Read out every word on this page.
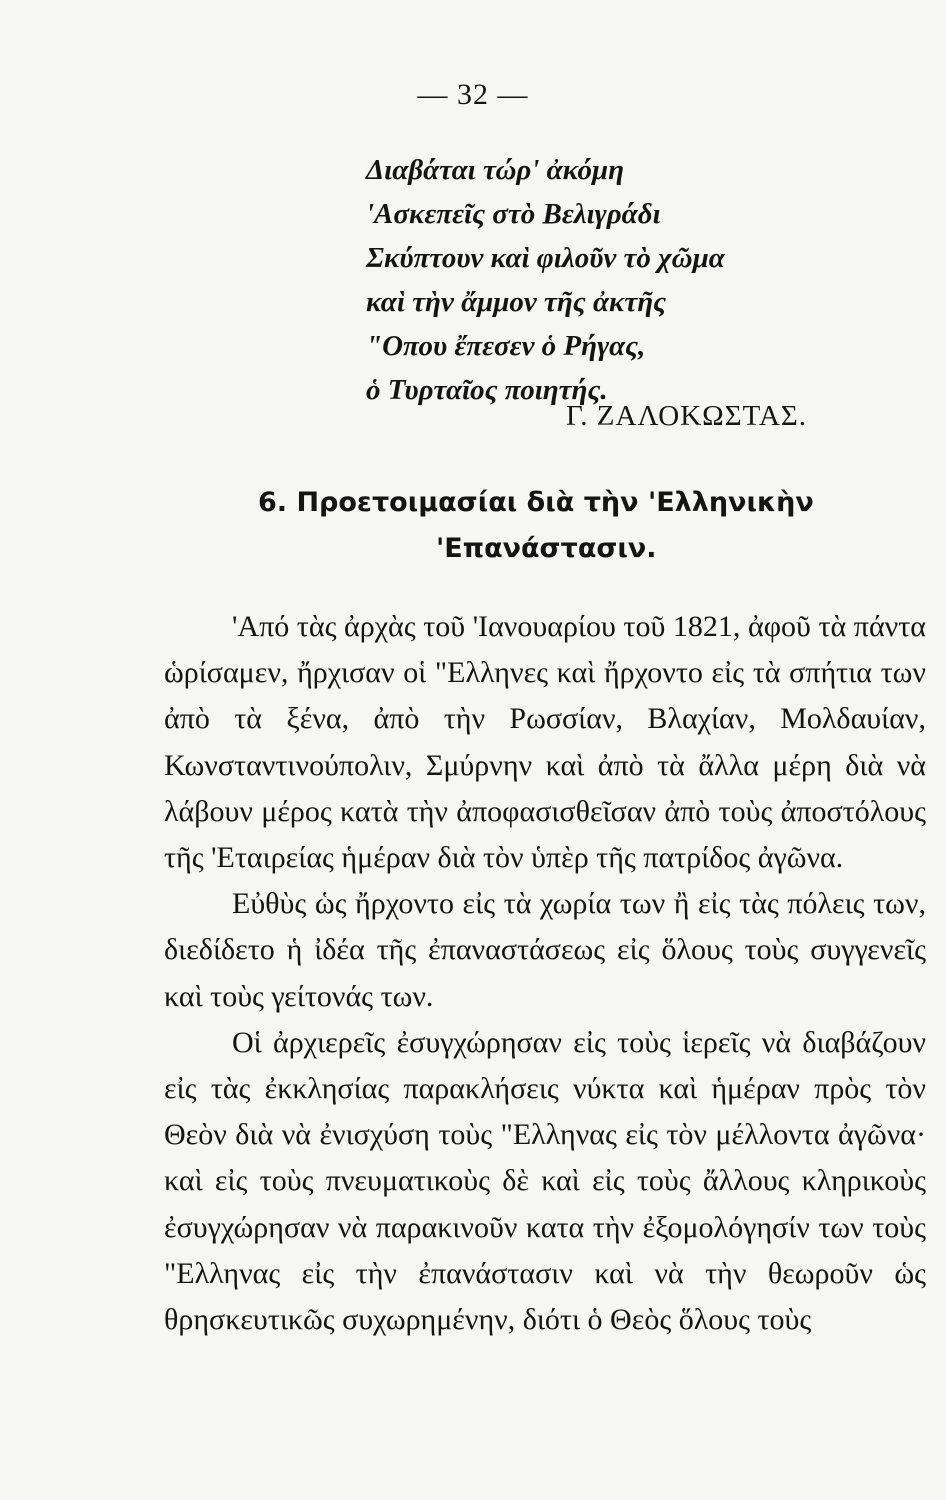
— 32 —
Διαβάται τώρ' ἀκόμη
'Ασκεπεῖς στὸ Βελιγράδι
Σκύπτουν καὶ φιλοῦν τὸ χῶμα
καὶ τὴν ἄμμον τῆς ἀκτῆς
"Οπου ἔπεσεν ὁ Ρήγας,
ὁ Τυρταῖος ποιητής.
Γ. ΖΑΛΟΚΩΣΤΑΣ.
6. Προετοιμασίαι διὰ τὴν 'Ελληνικὴν
'Επανάστασιν.

'Από τὰς ἀρχὰς τοῦ 'Ιανουαρίου τοῦ 1821, ἀφοῦ τὰ πάντα ὡρίσαμεν, ἤρχισαν οἱ "Ελληνες καὶ ἤρχοντο εἰς τὰ σπήτια των ἀπὸ τὰ ξένα, ἀπὸ τὴν Ρωσσίαν, Βλαχίαν, Μολδαυίαν, Κωνσταντινούπολιν, Σμύρνην καὶ ἀπὸ τὰ ἄλλα μέρη διὰ νὰ λάβουν μέρος κατὰ τὴν ἀποφασισθεῖσαν ἀπὸ τοὺς ἀποστόλους τῆς 'Εταιρείας ἡμέραν διὰ τὸν ὑπὲρ τῆς πατρίδος ἀγῶνα.

Εὐθὺς ὡς ἤρχοντο εἰς τὰ χωρία των ἢ εἰς τὰς πόλεις των, διεδίδετο ἡ ἰδέα τῆς ἐπαναστάσεως εἰς ὅλους τοὺς συγγενεῖς καὶ τοὺς γείτονάς των.

Οἱ ἀρχιερεῖς ἐσυγχώρησαν εἰς τοὺς ἱερεῖς νὰ διαβάζουν εἰς τὰς ἐκκλησίας παρακλήσεις νύκτα καὶ ἡμέραν πρὸς τὸν Θεὸν διὰ νὰ ἐνισχύση τοὺς "Ελληνας εἰς τὸν μέλλοντα ἀγῶνα· καὶ εἰς τοὺς πνευματικοὺς δὲ καὶ εἰς τοὺς ἄλλους κληρικοὺς ἐσυγχώρησαν νὰ παρακινοῦν κατα τὴν ἐξομολόγησίν των τοὺς "Ελληνας εἰς τὴν ἐπανάστασιν καὶ νὰ τὴν θεωροῦν ὡς θρησκευτικῶς συχωρημένην, διότι ὁ Θεὸς ὅλους τοὺς
